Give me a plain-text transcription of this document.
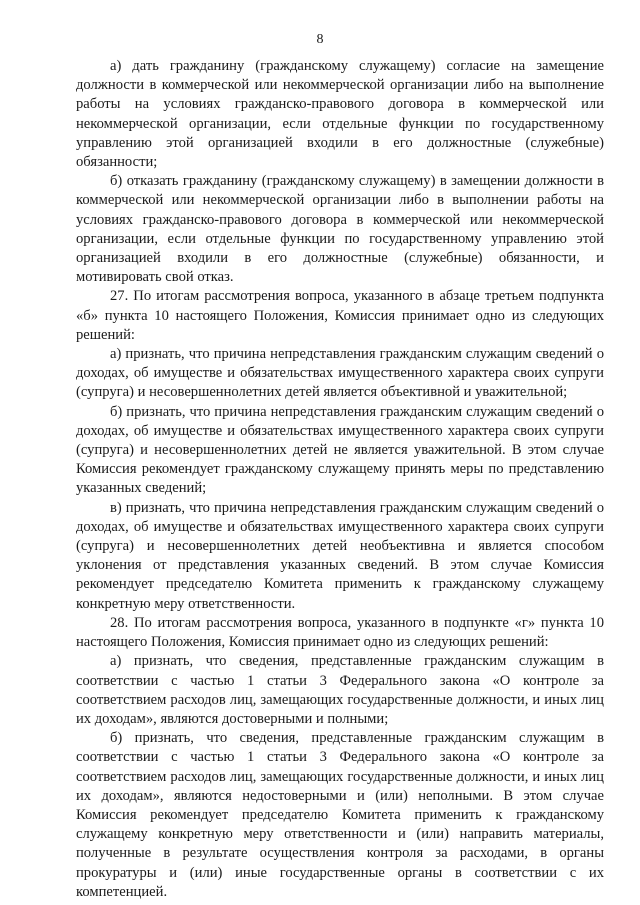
8

а) дать гражданину (гражданскому служащему) согласие на замещение должности в коммерческой или некоммерческой организации либо на выполнение работы на условиях гражданско-правового договора в коммерческой или некоммерческой организации, если отдельные функции по государственному управлению этой организацией входили в его должностные (служебные) обязанности;

б) отказать гражданину (гражданскому служащему) в замещении должности в коммерческой или некоммерческой организации либо в выполнении работы на условиях гражданско-правового договора в коммерческой или некоммерческой организации, если отдельные функции по государственному управлению этой организацией входили в его должностные (служебные) обязанности, и мотивировать свой отказ.

27. По итогам рассмотрения вопроса, указанного в абзаце третьем подпункта «б» пункта 10 настоящего Положения, Комиссия принимает одно из следующих решений:

а) признать, что причина непредставления гражданским служащим сведений о доходах, об имуществе и обязательствах имущественного характера своих супруги (супруга) и несовершеннолетних детей является объективной и уважительной;

б) признать, что причина непредставления гражданским служащим сведений о доходах, об имуществе и обязательствах имущественного характера своих супруги (супруга) и несовершеннолетних детей не является уважительной. В этом случае Комиссия рекомендует гражданскому служащему принять меры по представлению указанных сведений;

в) признать, что причина непредставления гражданским служащим сведений о доходах, об имуществе и обязательствах имущественного характера своих супруги (супруга) и несовершеннолетних детей необъективна и является способом уклонения от представления указанных сведений. В этом случае Комиссия рекомендует председателю Комитета применить к гражданскому служащему конкретную меру ответственности.

28. По итогам рассмотрения вопроса, указанного в подпункте «г» пункта 10 настоящего Положения, Комиссия принимает одно из следующих решений:

а) признать, что сведения, представленные гражданским служащим в соответствии с частью 1 статьи 3 Федерального закона «О контроле за соответствием расходов лиц, замещающих государственные должности, и иных лиц их доходам», являются достоверными и полными;

б) признать, что сведения, представленные гражданским служащим в соответствии с частью 1 статьи 3 Федерального закона «О контроле за соответствием расходов лиц, замещающих государственные должности, и иных лиц их доходам», являются недостоверными и (или) неполными. В этом случае Комиссия рекомендует председателю Комитета применить к гражданскому служащему конкретную меру ответственности и (или) направить материалы, полученные в результате осуществления контроля за расходами, в органы прокуратуры и (или) иные государственные органы в соответствии с их компетенцией.
